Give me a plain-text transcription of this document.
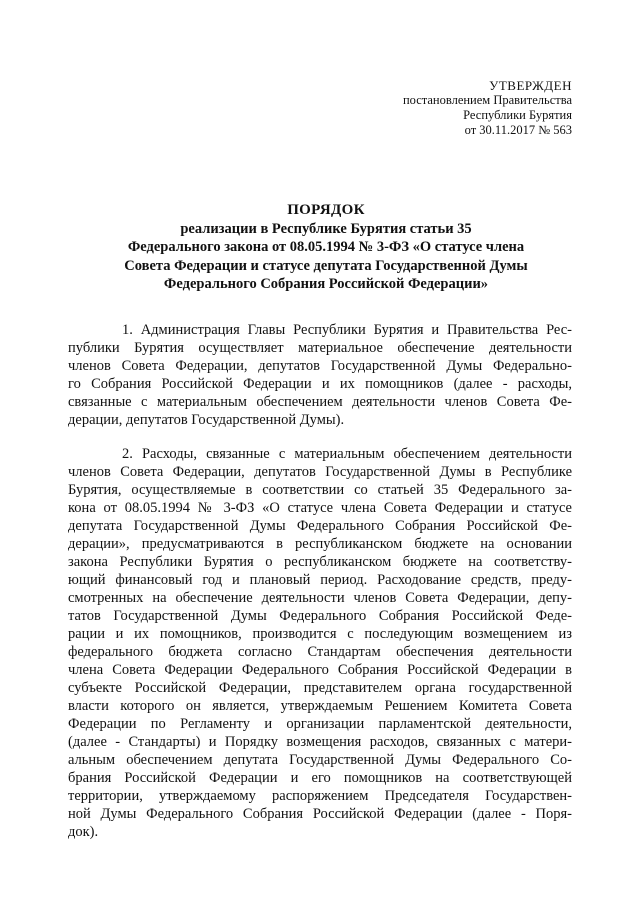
УТВЕРЖДЕН
постановлением Правительства
Республики Бурятия
от 30.11.2017 № 563
ПОРЯДОК
реализации в Республике Бурятия статьи 35
Федерального закона от 08.05.1994 № 3-ФЗ «О статусе члена
Совета Федерации и статусе депутата Государственной Думы
Федерального Собрания Российской Федерации»
1. Администрация Главы Республики Бурятия и Правительства Рес-
публики Бурятия осуществляет материальное обеспечение деятельности
членов Совета Федерации, депутатов Государственной Думы Федерально-
го Собрания Российской Федерации и их помощников (далее - расходы,
связанные с материальным обеспечением деятельности членов Совета Фе-
дерации, депутатов Государственной Думы).
2. Расходы, связанные с материальным обеспечением деятельности
членов Совета Федерации, депутатов Государственной Думы в Республике
Бурятия, осуществляемые в соответствии со статьей 35 Федерального за-
кона от 08.05.1994 № 3-ФЗ «О статусе члена Совета Федерации и статусе
депутата Государственной Думы Федерального Собрания Российской Фе-
дерации», предусматриваются в республиканском бюджете на основании
закона Республики Бурятия о республиканском бюджете на соответству-
ющий финансовый год и плановый период. Расходование средств, преду-
смотренных на обеспечение деятельности членов Совета Федерации, депу-
татов Государственной Думы Федерального Собрания Российской Феде-
рации и их помощников, производится с последующим возмещением из
федерального бюджета согласно Стандартам обеспечения деятельности
члена Совета Федерации Федерального Собрания Российской Федерации в
субъекте Российской Федерации, представителем органа государственной
власти которого он является, утверждаемым Решением Комитета Совета
Федерации по Регламенту и организации парламентской деятельности,
(далее - Стандарты) и Порядку возмещения расходов, связанных с матери-
альным обеспечением депутата Государственной Думы Федерального Со-
брания Российской Федерации и его помощников на соответствующей
территории, утверждаемому распоряжением Председателя Государствен-
ной Думы Федерального Собрания Российской Федерации (далее - Поря-
док).
